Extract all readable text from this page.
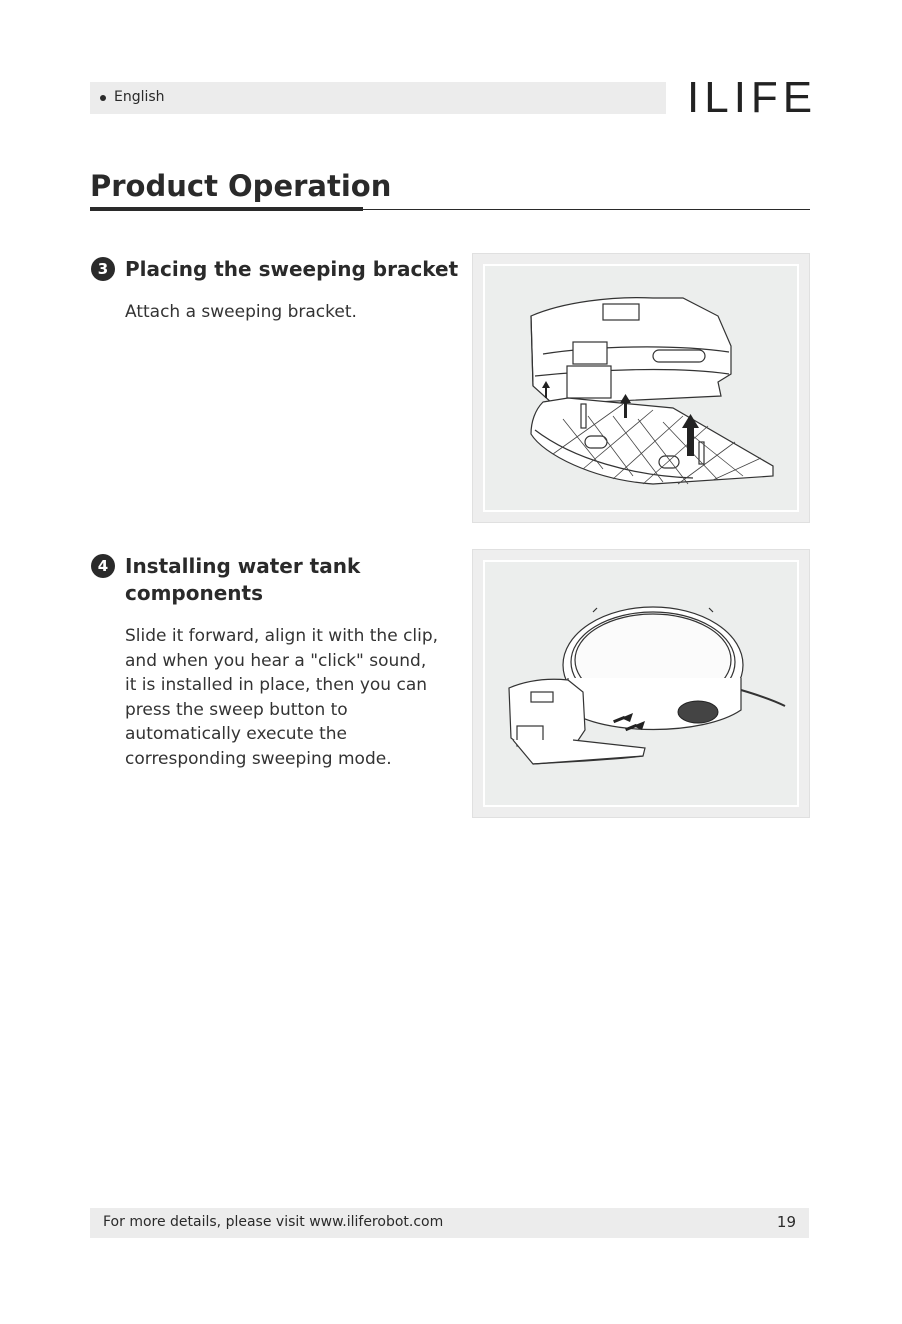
English	ILIFE
Product Operation
3 Placing the sweeping bracket
Attach a sweeping bracket.
4 Installing water tank
components
Slide it forward, align it with the clip,
and when you hear a "click" sound,
it is installed in place, then you can
press the sweep button to
automatically execute the
corresponding sweeping mode.
For more details, please visit www.iliferobot.com	19
